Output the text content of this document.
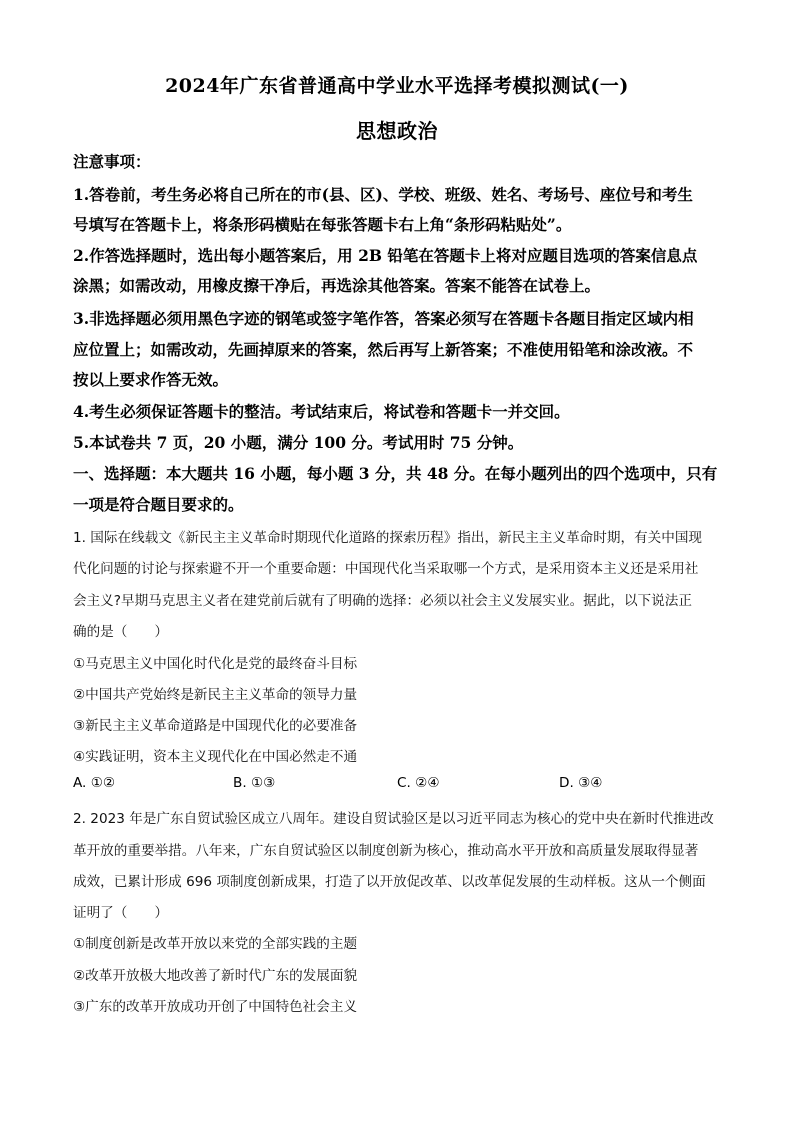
2024年广东省普通高中学业水平选择考模拟测试(一)
思想政治
注意事项：
1.答卷前，考生务必将自己所在的市(县、区)、学校、班级、姓名、考场号、座位号和考生
号填写在答题卡上，将条形码横贴在每张答题卡右上角“条形码粘贴处”。
2.作答选择题时，选出每小题答案后，用 2B 铅笔在答题卡上将对应题目选项的答案信息点
涂黑；如需改动，用橡皮擦干净后，再选涂其他答案。答案不能答在试卷上。
3.非选择题必须用黑色字迹的钢笔或签字笔作答，答案必须写在答题卡各题目指定区域内相
应位置上；如需改动，先画掉原来的答案，然后再写上新答案；不准使用铅笔和涂改液。不
按以上要求作答无效。
4.考生必须保证答题卡的整洁。考试结束后，将试卷和答题卡一并交回。
5.本试卷共 7 页，20 小题，满分 100 分。考试用时 75 分钟。
一、选择题：本大题共 16 小题，每小题 3 分，共 48 分。在每小题列出的四个选项中，只有
一项是符合题目要求的。
1. 国际在线载文《新民主主义革命时期现代化道路的探索历程》指出，新民主主义革命时期，有关中国现
代化问题的讨论与探索避不开一个重要命题：中国现代化当采取哪一个方式，是采用资本主义还是采用社
会主义?早期马克思主义者在建党前后就有了明确的选择：必须以社会主义发展实业。据此，以下说法正
确的是（　　）
①马克思主义中国化时代化是党的最终奋斗目标
②中国共产党始终是新民主主义革命的领导力量
③新民主主义革命道路是中国现代化的必要准备
④实践证明，资本主义现代化在中国必然走不通
A. ①②	B. ①③	C. ②④	D. ③④
2. 2023 年是广东自贸试验区成立八周年。建设自贸试验区是以习近平同志为核心的党中央在新时代推进改
革开放的重要举措。八年来，广东自贸试验区以制度创新为核心，推动高水平开放和高质量发展取得显著
成效，已累计形成 696 项制度创新成果，打造了以开放促改革、以改革促发展的生动样板。这从一个侧面
证明了（　　）
①制度创新是改革开放以来党的全部实践的主题
②改革开放极大地改善了新时代广东的发展面貌
③广东的改革开放成功开创了中国特色社会主义
